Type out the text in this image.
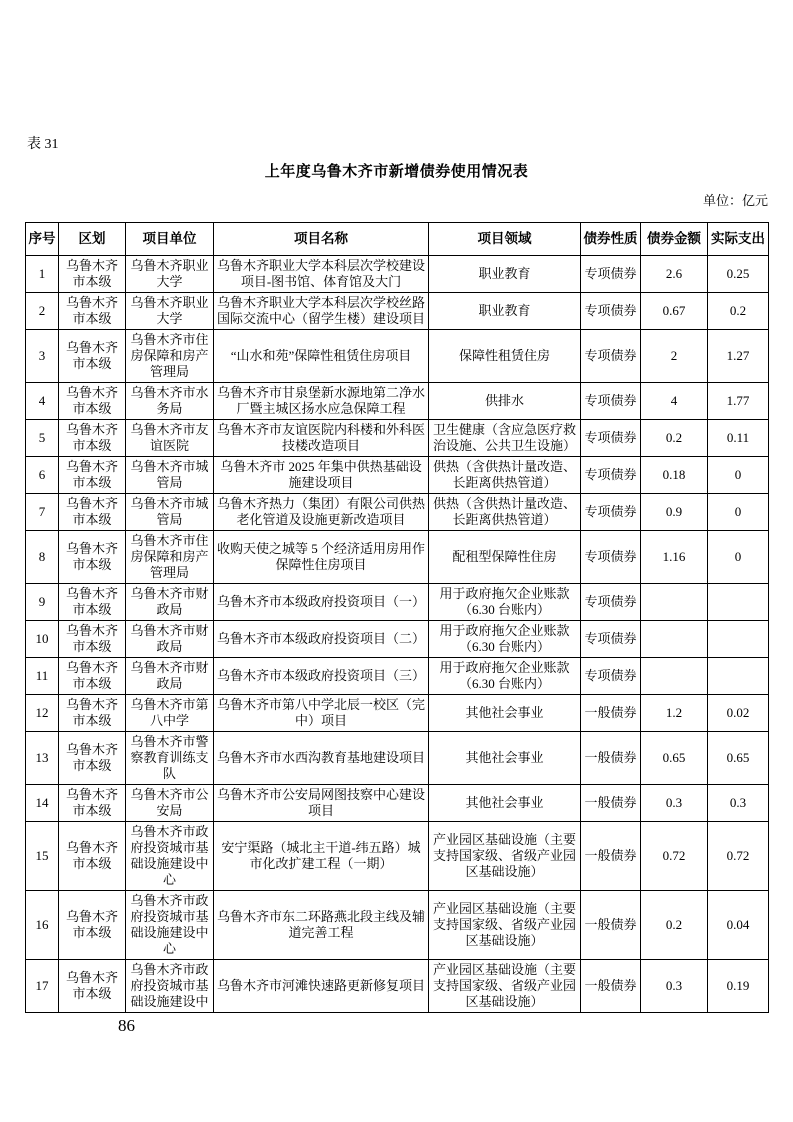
表 31
上年度乌鲁木齐市新增债券使用情况表
单位：亿元
序号	区划	项目单位	项目名称	项目领域	债券性质	债券金额	实际支出
1	乌鲁木齐市本级	乌鲁木齐职业大学	乌鲁木齐职业大学本科层次学校建设项目-图书馆、体育馆及大门	职业教育	专项债券	2.6	0.25
2	乌鲁木齐市本级	乌鲁木齐职业大学	乌鲁木齐职业大学本科层次学校丝路国际交流中心（留学生楼）建设项目	职业教育	专项债券	0.67	0.2
3	乌鲁木齐市本级	乌鲁木齐市住房保障和房产管理局	“山水和苑”保障性租赁住房项目	保障性租赁住房	专项债券	2	1.27
4	乌鲁木齐市本级	乌鲁木齐市水务局	乌鲁木齐市甘泉堡新水源地第二净水厂暨主城区扬水应急保障工程	供排水	专项债券	4	1.77
5	乌鲁木齐市本级	乌鲁木齐市友谊医院	乌鲁木齐市友谊医院内科楼和外科医技楼改造项目	卫生健康（含应急医疗救治设施、公共卫生设施）	专项债券	0.2	0.11
6	乌鲁木齐市本级	乌鲁木齐市城管局	乌鲁木齐市 2025 年集中供热基础设施建设项目	供热（含供热计量改造、长距离供热管道）	专项债券	0.18	0
7	乌鲁木齐市本级	乌鲁木齐市城管局	乌鲁木齐热力（集团）有限公司供热老化管道及设施更新改造项目	供热（含供热计量改造、长距离供热管道）	专项债券	0.9	0
8	乌鲁木齐市本级	乌鲁木齐市住房保障和房产管理局	收购天使之城等 5 个经济适用房用作保障性住房项目	配租型保障性住房	专项债券	1.16	0
9	乌鲁木齐市本级	乌鲁木齐市财政局	乌鲁木齐市本级政府投资项目（一）	用于政府拖欠企业账款（6.30 台账内）	专项债券		
10	乌鲁木齐市本级	乌鲁木齐市财政局	乌鲁木齐市本级政府投资项目（二）	用于政府拖欠企业账款（6.30 台账内）	专项债券		
11	乌鲁木齐市本级	乌鲁木齐市财政局	乌鲁木齐市本级政府投资项目（三）	用于政府拖欠企业账款（6.30 台账内）	专项债券		
12	乌鲁木齐市本级	乌鲁木齐市第八中学	乌鲁木齐市第八中学北辰一校区（完中）项目	其他社会事业	一般债券	1.2	0.02
13	乌鲁木齐市本级	乌鲁木齐市警察教育训练支队	乌鲁木齐市水西沟教育基地建设项目	其他社会事业	一般债券	0.65	0.65
14	乌鲁木齐市本级	乌鲁木齐市公安局	乌鲁木齐市公安局网图技察中心建设项目	其他社会事业	一般债券	0.3	0.3
15	乌鲁木齐市本级	乌鲁木齐市政府投资城市基础设施建设中心	安宁渠路（城北主干道-纬五路）城市化改扩建工程（一期）	产业园区基础设施（主要支持国家级、省级产业园区基础设施）	一般债券	0.72	0.72
16	乌鲁木齐市本级	乌鲁木齐市政府投资城市基础设施建设中心	乌鲁木齐市东二环路燕北段主线及辅道完善工程	产业园区基础设施（主要支持国家级、省级产业园区基础设施）	一般债券	0.2	0.04
17	乌鲁木齐市本级	乌鲁木齐市政府投资城市基础设施建设中	乌鲁木齐市河滩快速路更新修复项目	产业园区基础设施（主要支持国家级、省级产业园区基础设施）	一般债券	0.3	0.19
86
